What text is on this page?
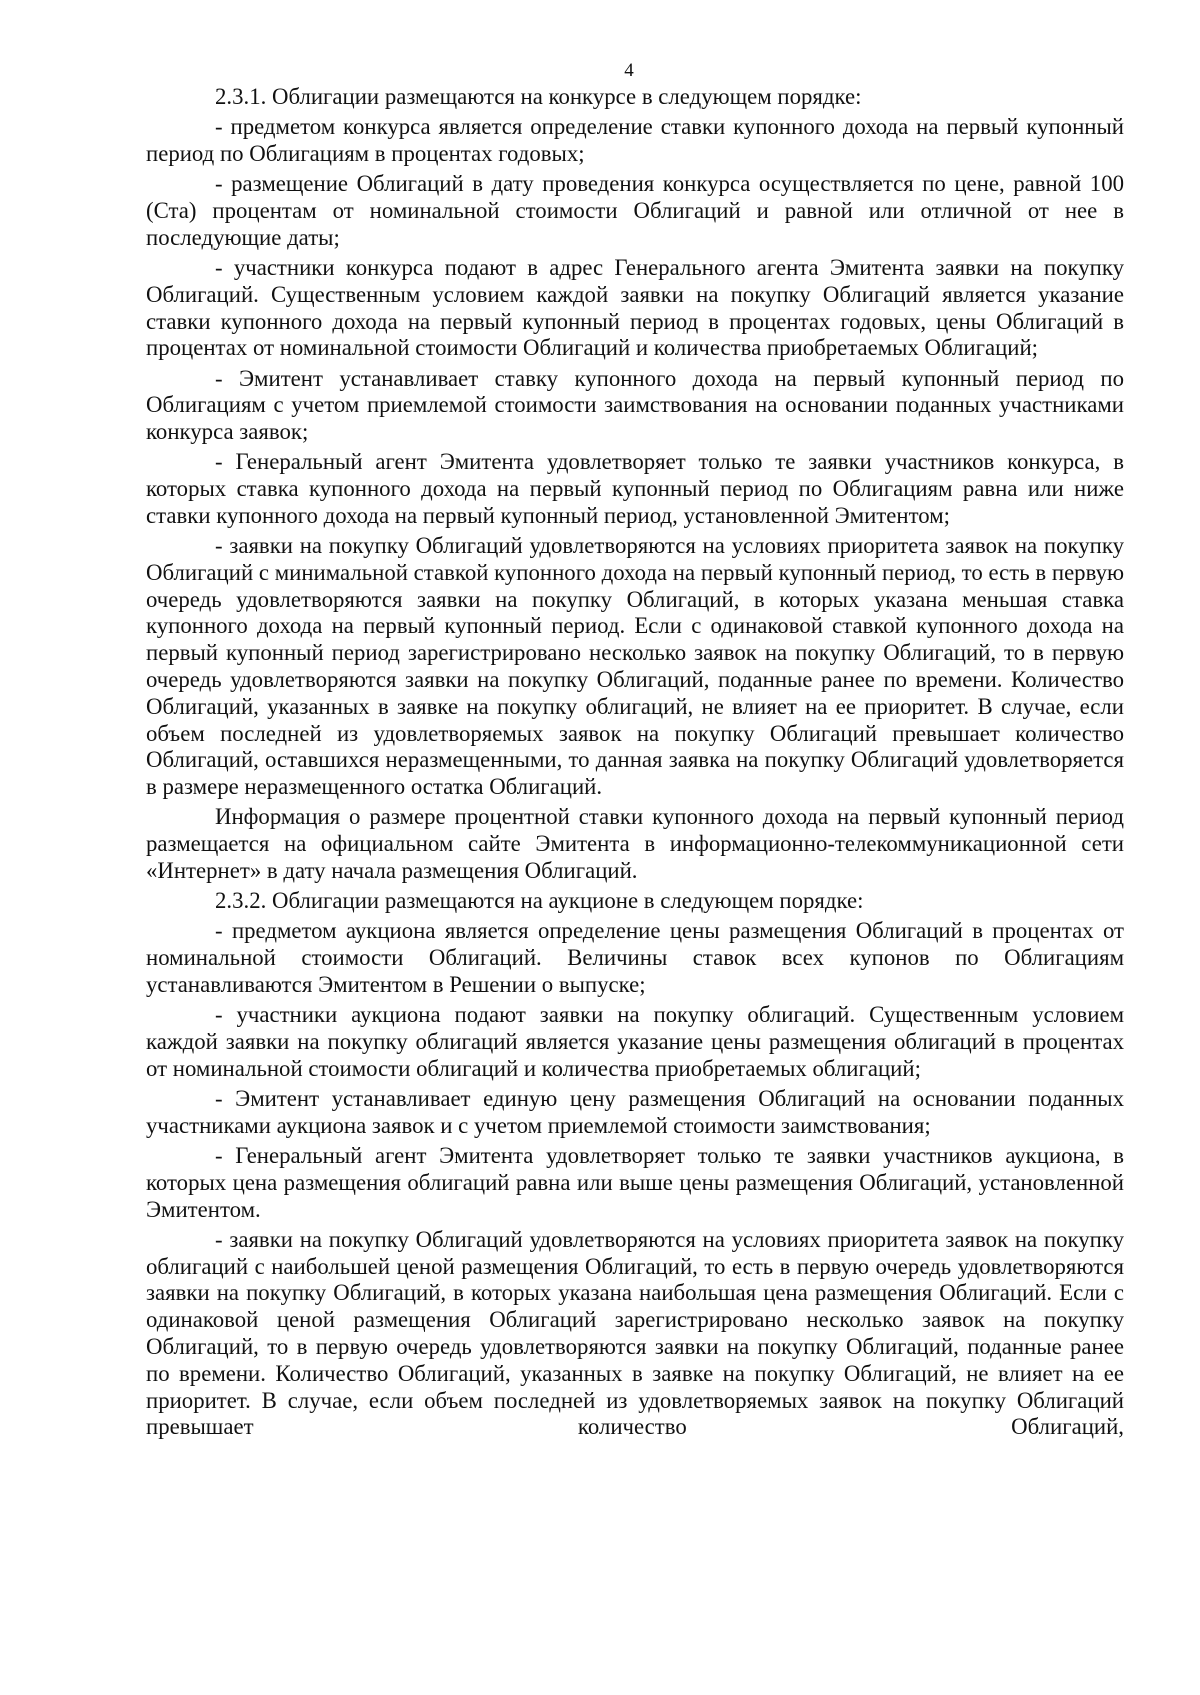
4

2.3.1. Облигации размещаются на конкурсе в следующем порядке:

- предметом конкурса является определение ставки купонного дохода на первый купонный период по Облигациям в процентах годовых;

- размещение Облигаций в дату проведения конкурса осуществляется по цене, равной 100 (Ста) процентам от номинальной стоимости Облигаций и равной или отличной от нее в последующие даты;

- участники конкурса подают в адрес Генерального агента Эмитента заявки на покупку Облигаций. Существенным условием каждой заявки на покупку Облигаций является указание ставки купонного дохода на первый купонный период в процентах годовых, цены Облигаций в процентах от номинальной стоимости Облигаций и количества приобретаемых Облигаций;

- Эмитент устанавливает ставку купонного дохода на первый купонный период по Облигациям с учетом приемлемой стоимости заимствования на основании поданных участниками конкурса заявок;

- Генеральный агент Эмитента удовлетворяет только те заявки участников конкурса, в которых ставка купонного дохода на первый купонный период по Облигациям равна или ниже ставки купонного дохода на первый купонный период, установленной Эмитентом;

- заявки на покупку Облигаций удовлетворяются на условиях приоритета заявок на покупку Облигаций с минимальной ставкой купонного дохода на первый купонный период, то есть в первую очередь удовлетворяются заявки на покупку Облигаций, в которых указана меньшая ставка купонного дохода на первый купонный период. Если с одинаковой ставкой купонного дохода на первый купонный период зарегистрировано несколько заявок на покупку Облигаций, то в первую очередь удовлетворяются заявки на покупку Облигаций, поданные ранее по времени. Количество Облигаций, указанных в заявке на покупку облигаций, не влияет на ее приоритет. В случае, если объем последней из удовлетворяемых заявок на покупку Облигаций превышает количество Облигаций, оставшихся неразмещенными, то данная заявка на покупку Облигаций удовлетворяется в размере неразмещенного остатка Облигаций.

Информация о размере процентной ставки купонного дохода на первый купонный период размещается на официальном сайте Эмитента в информационно-телекоммуникационной сети «Интернет» в дату начала размещения Облигаций.

2.3.2. Облигации размещаются на аукционе в следующем порядке:

- предметом аукциона является определение цены размещения Облигаций в процентах от номинальной стоимости Облигаций. Величины ставок всех купонов по Облигациям устанавливаются Эмитентом в Решении о выпуске;

- участники аукциона подают заявки на покупку облигаций. Существенным условием каждой заявки на покупку облигаций является указание цены размещения облигаций в процентах от номинальной стоимости облигаций и количества приобретаемых облигаций;

- Эмитент устанавливает единую цену размещения Облигаций на основании поданных участниками аукциона заявок и с учетом приемлемой стоимости заимствования;

- Генеральный агент Эмитента удовлетворяет только те заявки участников аукциона, в которых цена размещения облигаций равна или выше цены размещения Облигаций, установленной Эмитентом.

- заявки на покупку Облигаций удовлетворяются на условиях приоритета заявок на покупку облигаций с наибольшей ценой размещения Облигаций, то есть в первую очередь удовлетворяются заявки на покупку Облигаций, в которых указана наибольшая цена размещения Облигаций. Если с одинаковой ценой размещения Облигаций зарегистрировано несколько заявок на покупку Облигаций, то в первую очередь удовлетворяются заявки на покупку Облигаций, поданные ранее по времени. Количество Облигаций, указанных в заявке на покупку Облигаций, не влияет на ее приоритет. В случае, если объем последней из удовлетворяемых заявок на покупку Облигаций превышает количество Облигаций,
